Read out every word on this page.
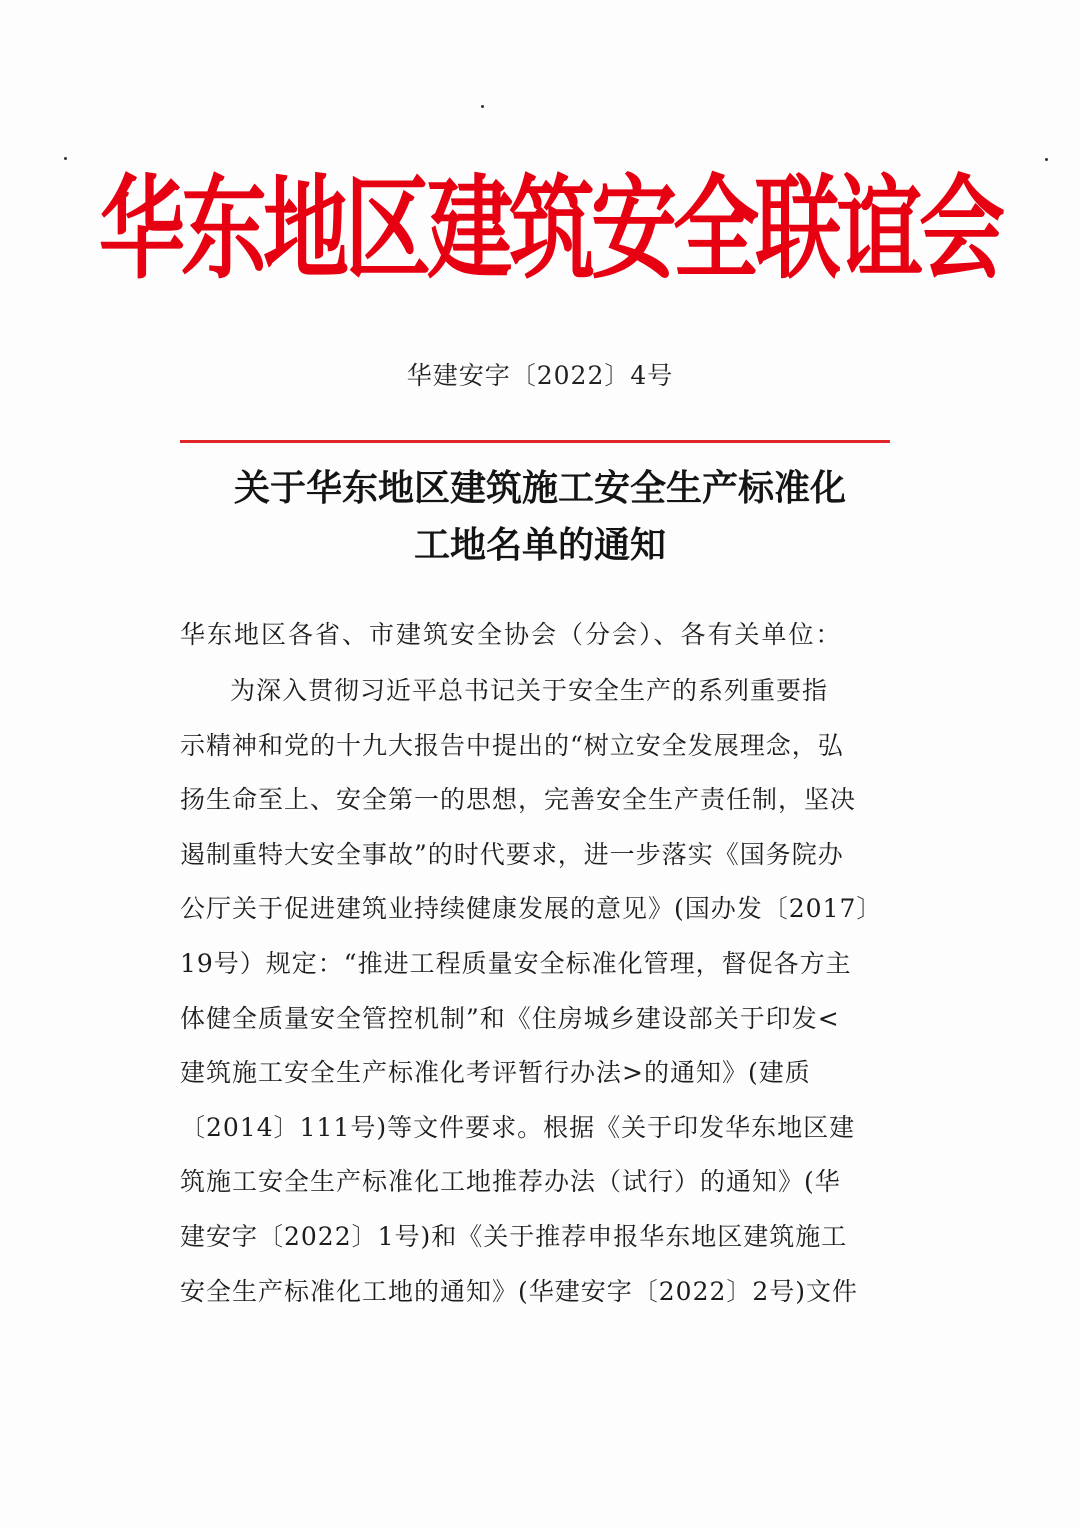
华东地区建筑安全联谊会
华建安字〔2022〕4号
关于华东地区建筑施工安全生产标准化
工地名单的通知
华东地区各省、市建筑安全协会（分会）、各有关单位：
为深入贯彻习近平总书记关于安全生产的系列重要指
示精神和党的十九大报告中提出的“树立安全发展理念，弘
扬生命至上、安全第一的思想，完善安全生产责任制，坚决
遏制重特大安全事故”的时代要求，进一步落实《国务院办
公厅关于促进建筑业持续健康发展的意见》(国办发〔2017〕
19号）规定：“推进工程质量安全标准化管理，督促各方主
体健全质量安全管控机制”和《住房城乡建设部关于印发<
建筑施工安全生产标准化考评暂行办法>的通知》(建质
〔2014〕111号)等文件要求。根据《关于印发华东地区建
筑施工安全生产标准化工地推荐办法（试行）的通知》(华
建安字〔2022〕1号)和《关于推荐申报华东地区建筑施工
安全生产标准化工地的通知》(华建安字〔2022〕2号)文件
